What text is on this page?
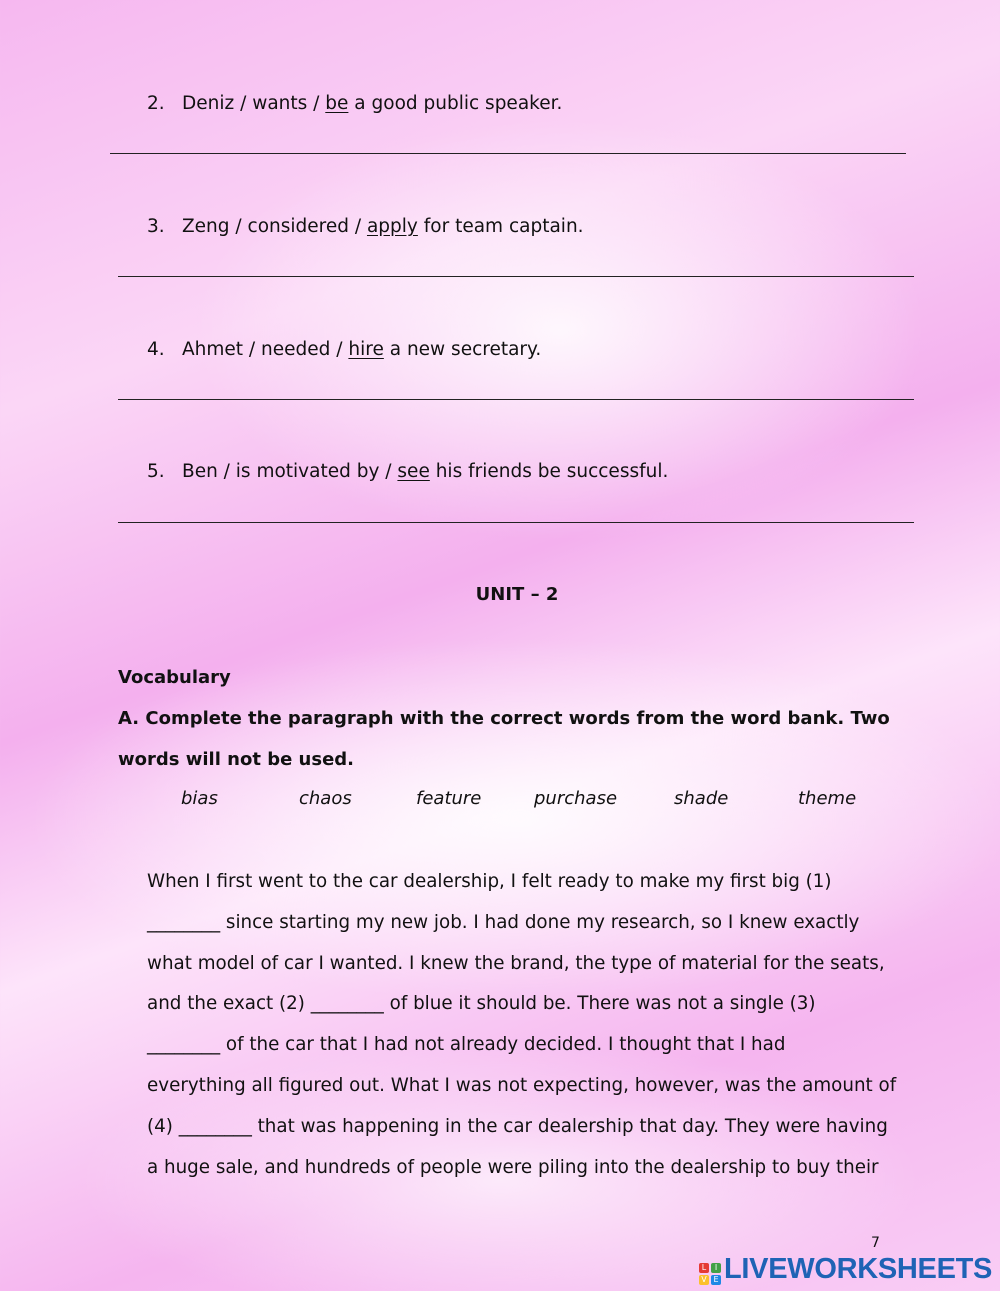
2. Deniz / wants / be a good public speaker.
3. Zeng / considered / apply for team captain.
4. Ahmet / needed / hire a new secretary.
5. Ben / is motivated by / see his friends be successful.
UNIT – 2
Vocabulary
A. Complete the paragraph with the correct words from the word bank. Two
words will not be used.
bias	chaos	feature	purchase	shade	theme

When I first went to the car dealership, I felt ready to make my first big (1)

________ since starting my new job. I had done my research, so I knew exactly

what model of car I wanted. I knew the brand, the type of material for the seats,

and the exact (2) ________ of blue it should be. There was not a single (3)

________ of the car that I had not already decided. I thought that I had

everything all figured out. What I was not expecting, however, was the amount of

(4) ________ that was happening in the car dealership that day. They were having

a huge sale, and hundreds of people were piling into the dealership to buy their

7
L	I
V E LIVEWORKSHEETS
